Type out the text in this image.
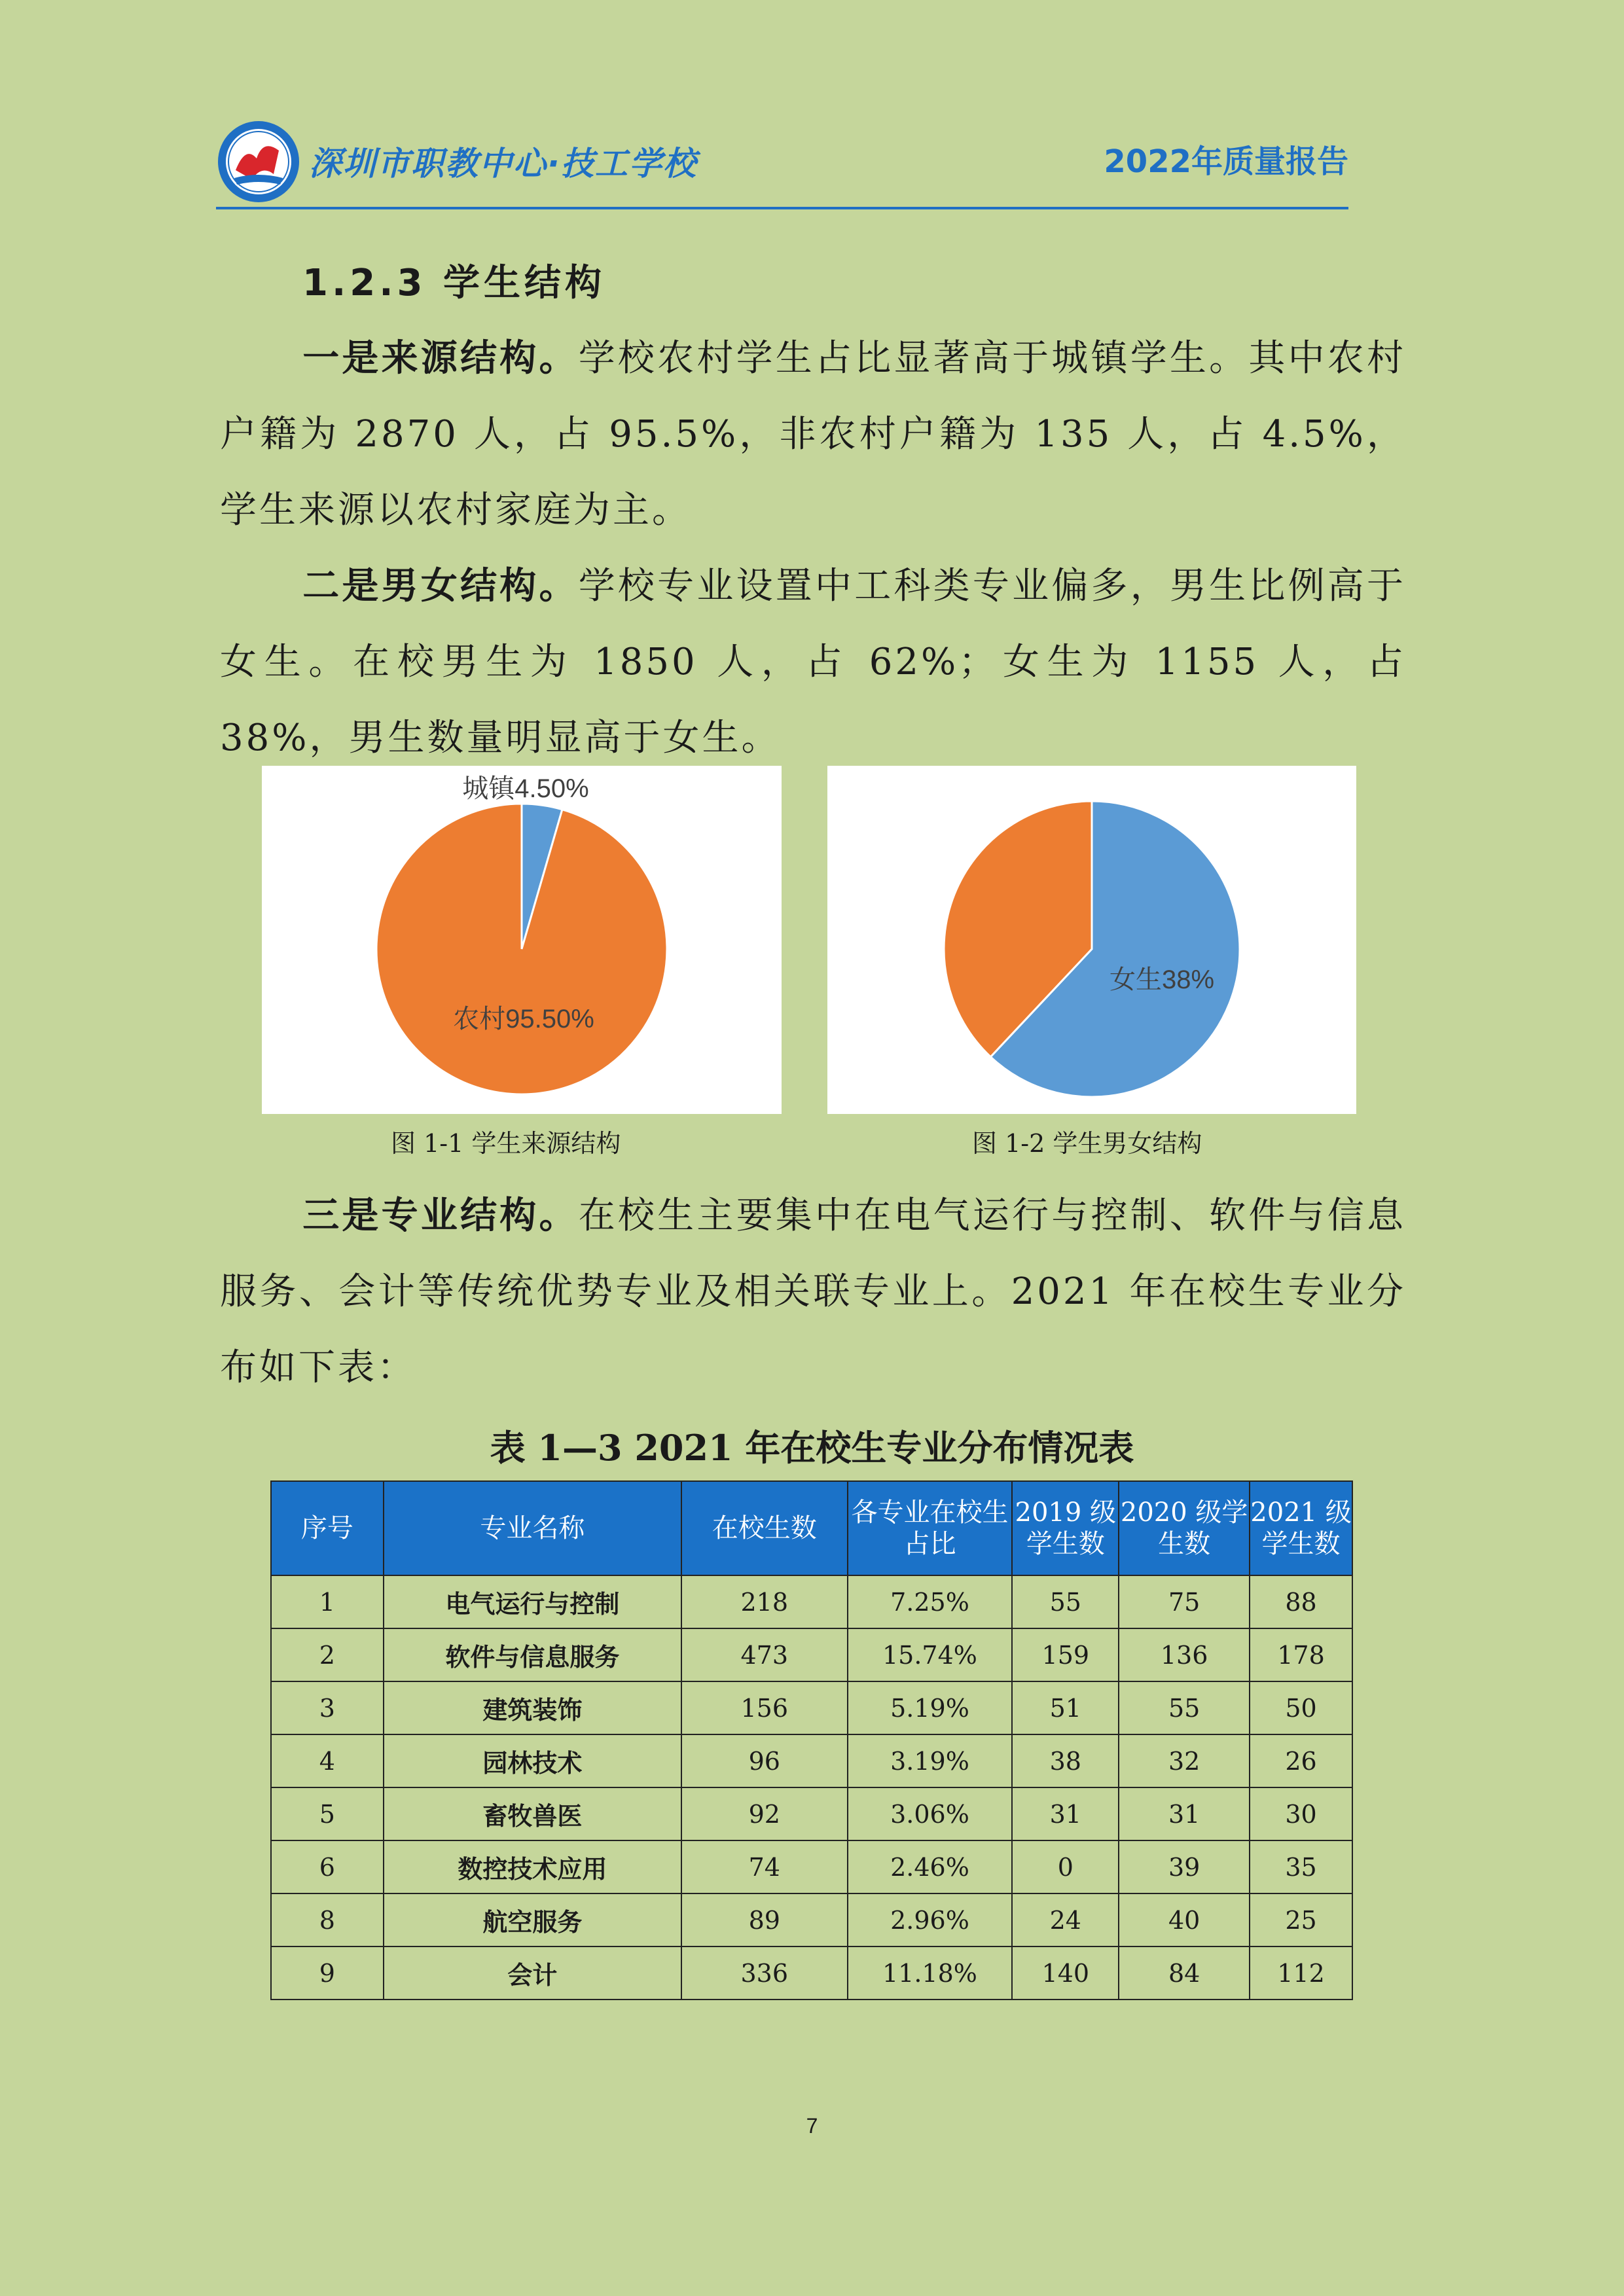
深圳市职教中心·技工学校	2022年质量报告
1.2.3 学生结构
一是来源结构。学校农村学生占比显著高于城镇学生。其中农村户籍为 2870 人，占 95.5%，非农村户籍为 135 人，占 4.5%，学生来源以农村家庭为主。
二是男女结构。学校专业设置中工科类专业偏多，男生比例高于女生。在校男生为 1850 人，占 62%；女生为 1155 人，占 38%，男生数量明显高于女生。
城镇4.50%
农村95.50%
图 1-1 学生来源结构
女生38%
图 1-2 学生男女结构
三是专业结构。在校生主要集中在电气运行与控制、软件与信息服务、会计等传统优势专业及相关联专业上。2021 年在校生专业分布如下表：
表 1—3 2021 年在校生专业分布情况表
序号	专业名称	在校生数	各专业在校生占比	2019 级学生数	2020 级学生数	2021 级学生数
1	电气运行与控制	218	7.25%	55	75	88
2	软件与信息服务	473	15.74%	159	136	178
3	建筑装饰	156	5.19%	51	55	50
4	园林技术	96	3.19%	38	32	26
5	畜牧兽医	92	3.06%	31	31	30
6	数控技术应用	74	2.46%	0	39	35
8	航空服务	89	2.96%	24	40	25
9	会计	336	11.18%	140	84	112
7
